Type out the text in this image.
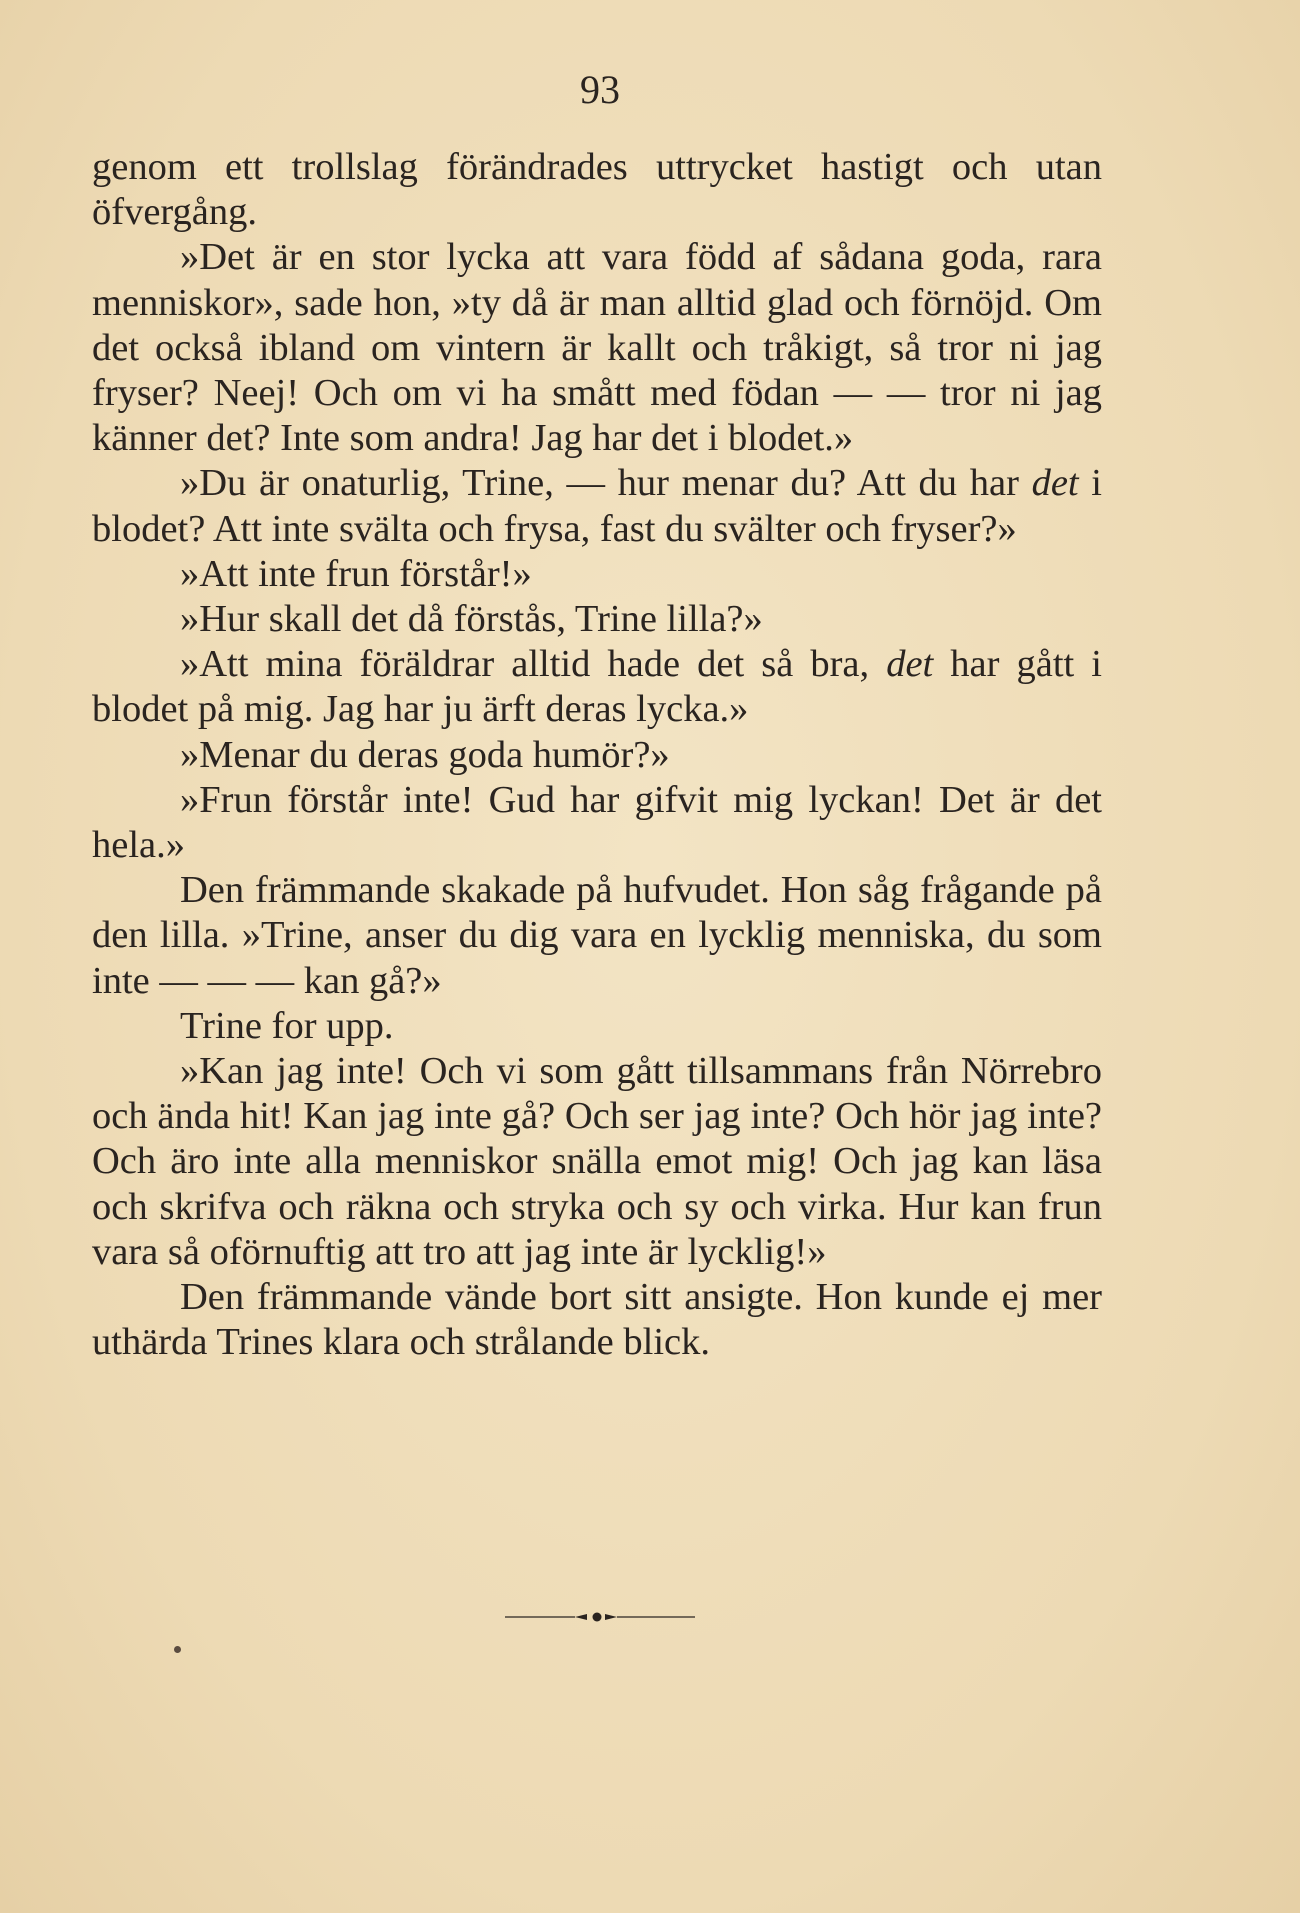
93

genom ett trollslag förändrades uttrycket hastigt och utan öfvergång.

»Det är en stor lycka att vara född af sådana goda, rara menniskor», sade hon, »ty då är man alltid glad och förnöjd. Om det också ibland om vintern är kallt och tråkigt, så tror ni jag fryser? Neej! Och om vi ha smått med födan — — tror ni jag känner det? Inte som andra! Jag har det i blodet.»

»Du är onaturlig, Trine, — hur menar du? Att du har det i blodet? Att inte svälta och frysa, fast du svälter och fryser?»

»Att inte frun förstår!»

»Hur skall det då förstås, Trine lilla?»

»Att mina föräldrar alltid hade det så bra, det har gått i blodet på mig. Jag har ju ärft deras lycka.»

»Menar du deras goda humör?»

»Frun förstår inte! Gud har gifvit mig lyckan! Det är det hela.»

Den främmande skakade på hufvudet. Hon såg frågande på den lilla. »Trine, anser du dig vara en lycklig menniska, du som inte — — — kan gå?»

Trine for upp.

»Kan jag inte! Och vi som gått tillsammans från Nörrebro och ända hit! Kan jag inte gå? Och ser jag inte? Och hör jag inte? Och äro inte alla menniskor snälla emot mig! Och jag kan läsa och skrifva och räkna och stryka och sy och virka. Hur kan frun vara så oförnuftig att tro att jag inte är lycklig!»

Den främmande vände bort sitt ansigte. Hon kunde ej mer uthärda Trines klara och strålande blick.
